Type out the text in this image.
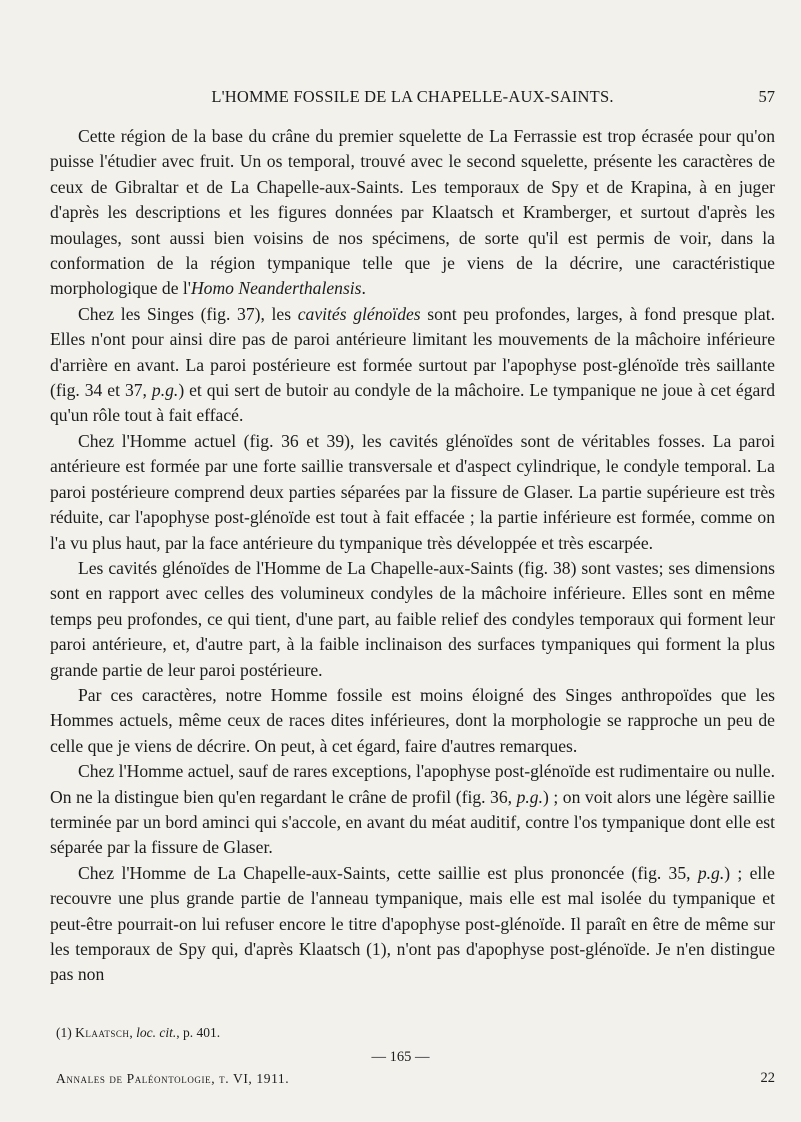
L'HOMME FOSSILE DE LA CHAPELLE-AUX-SAINTS.	57

Cette région de la base du crâne du premier squelette de La Ferrassie est trop écrasée pour qu'on puisse l'étudier avec fruit. Un os temporal, trouvé avec le second squelette, présente les caractères de ceux de Gibraltar et de La Chapelle-aux-Saints. Les temporaux de Spy et de Krapina, à en juger d'après les descriptions et les figures données par Klaatsch et Kramberger, et surtout d'après les moulages, sont aussi bien voisins de nos spécimens, de sorte qu'il est permis de voir, dans la conformation de la région tympanique telle que je viens de la décrire, une caractéristique morphologique de l'Homo Neanderthalensis.

Chez les Singes (fig. 37), les cavités glénoïdes sont peu profondes, larges, à fond presque plat. Elles n'ont pour ainsi dire pas de paroi antérieure limitant les mouvements de la mâchoire inférieure d'arrière en avant. La paroi postérieure est formée surtout par l'apophyse post-glénoïde très saillante (fig. 34 et 37, p.g.) et qui sert de butoir au condyle de la mâchoire. Le tympanique ne joue à cet égard qu'un rôle tout à fait effacé.

Chez l'Homme actuel (fig. 36 et 39), les cavités glénoïdes sont de véritables fosses. La paroi antérieure est formée par une forte saillie transversale et d'aspect cylindrique, le condyle temporal. La paroi postérieure comprend deux parties séparées par la fissure de Glaser. La partie supérieure est très réduite, car l'apophyse post-glénoïde est tout à fait effacée ; la partie inférieure est formée, comme on l'a vu plus haut, par la face antérieure du tympanique très développée et très escarpée.

Les cavités glénoïdes de l'Homme de La Chapelle-aux-Saints (fig. 38) sont vastes; ses dimensions sont en rapport avec celles des volumineux condyles de la mâchoire inférieure. Elles sont en même temps peu profondes, ce qui tient, d'une part, au faible relief des condyles temporaux qui forment leur paroi antérieure, et, d'autre part, à la faible inclinaison des surfaces tympaniques qui forment la plus grande partie de leur paroi postérieure.

Par ces caractères, notre Homme fossile est moins éloigné des Singes anthropoïdes que les Hommes actuels, même ceux de races dites inférieures, dont la morphologie se rapproche un peu de celle que je viens de décrire. On peut, à cet égard, faire d'autres remarques.

Chez l'Homme actuel, sauf de rares exceptions, l'apophyse post-glénoïde est rudimentaire ou nulle. On ne la distingue bien qu'en regardant le crâne de profil (fig. 36, p.g.) ; on voit alors une légère saillie terminée par un bord aminci qui s'accole, en avant du méat auditif, contre l'os tympanique dont elle est séparée par la fissure de Glaser.

Chez l'Homme de La Chapelle-aux-Saints, cette saillie est plus prononcée (fig. 35, p.g.) ; elle recouvre une plus grande partie de l'anneau tympanique, mais elle est mal isolée du tympanique et peut-être pourrait-on lui refuser encore le titre d'apophyse post-glénoïde. Il paraît en être de même sur les temporaux de Spy qui, d'après Klaatsch (1), n'ont pas d'apophyse post-glénoïde. Je n'en distingue pas non

(1) Klaatsch, loc. cit., p. 401.
— 165 —
Annales de Paléontologie, t. VI, 1911.	22
